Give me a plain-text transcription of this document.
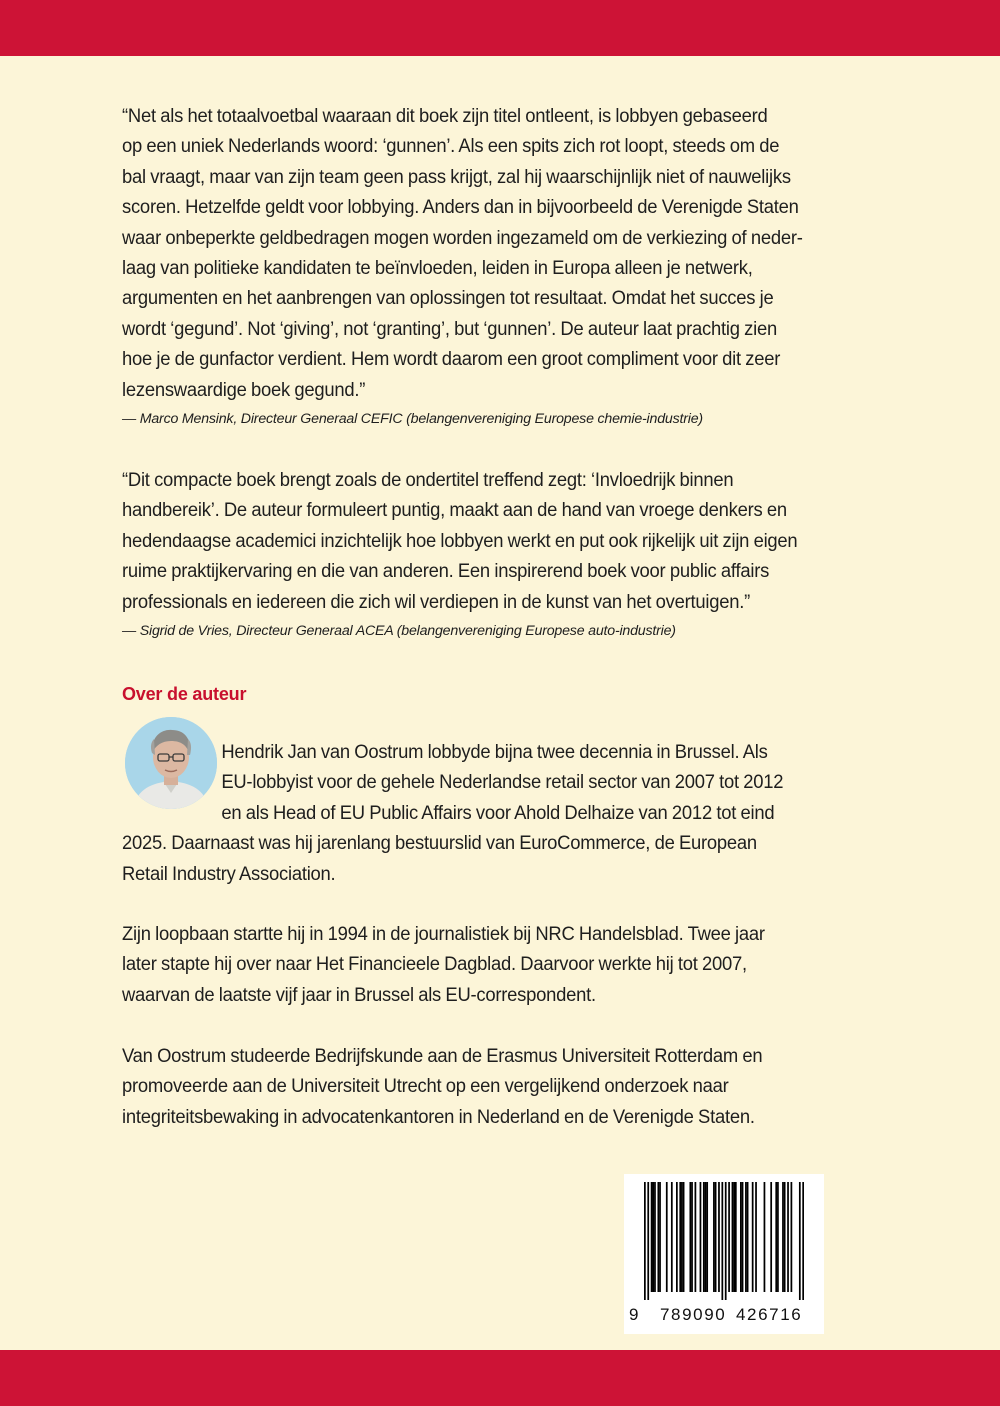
“Net als het totaalvoetbal waaraan dit boek zijn titel ontleent, is lobbyen gebaseerd
op een uniek Nederlands woord: ‘gunnen’. Als een spits zich rot loopt, steeds om de
bal vraagt, maar van zijn team geen pass krijgt, zal hij waarschijnlijk niet of nauwelijks
scoren. Hetzelfde geldt voor lobbying. Anders dan in bijvoorbeeld de Verenigde Staten
waar onbeperkte geldbedragen mogen worden ingezameld om de verkiezing of neder-
laag van politieke kandidaten te beïnvloeden, leiden in Europa alleen je netwerk,
argumenten en het aanbrengen van oplossingen tot resultaat. Omdat het succes je
wordt ‘gegund’. Not ‘giving’, not ‘granting’, but ‘gunnen’. De auteur laat prachtig zien
hoe je de gunfactor verdient. Hem wordt daarom een groot compliment voor dit zeer
lezenswaardige boek gegund.”

— Marco Mensink, Directeur Generaal CEFIC (belangenvereniging Europese chemie-industrie)

“Dit compacte boek brengt zoals de ondertitel treffend zegt: ‘Invloedrijk binnen
handbereik’. De auteur formuleert puntig, maakt aan de hand van vroege denkers en
hedendaagse academici inzichtelijk hoe lobbyen werkt en put ook rijkelijk uit zijn eigen
ruime praktijkervaring en die van anderen. Een inspirerend boek voor public affairs
professionals en iedereen die zich wil verdiepen in de kunst van het overtuigen.”

— Sigrid de Vries, Directeur Generaal ACEA (belangenvereniging Europese auto-industrie)

Over de auteur

Hendrik Jan van Oostrum lobbyde bijna twee decennia in Brussel. Als
EU-lobbyist voor de gehele Nederlandse retail sector van 2007 tot 2012
en als Head of EU Public Affairs voor Ahold Delhaize van 2012 tot eind
2025. Daarnaast was hij jarenlang bestuurslid van EuroCommerce, de European
Retail Industry Association.

Zijn loopbaan startte hij in 1994 in de journalistiek bij NRC Handelsblad. Twee jaar
later stapte hij over naar Het Financieele Dagblad. Daarvoor werkte hij tot 2007,
waarvan de laatste vijf jaar in Brussel als EU-correspondent.

Van Oostrum studeerde Bedrijfskunde aan de Erasmus Universiteit Rotterdam en
promoveerde aan de Universiteit Utrecht op een vergelijkend onderzoek naar
integriteitsbewaking in advocatenkantoren in Nederland en de Verenigde Staten.

9 789090 426716
